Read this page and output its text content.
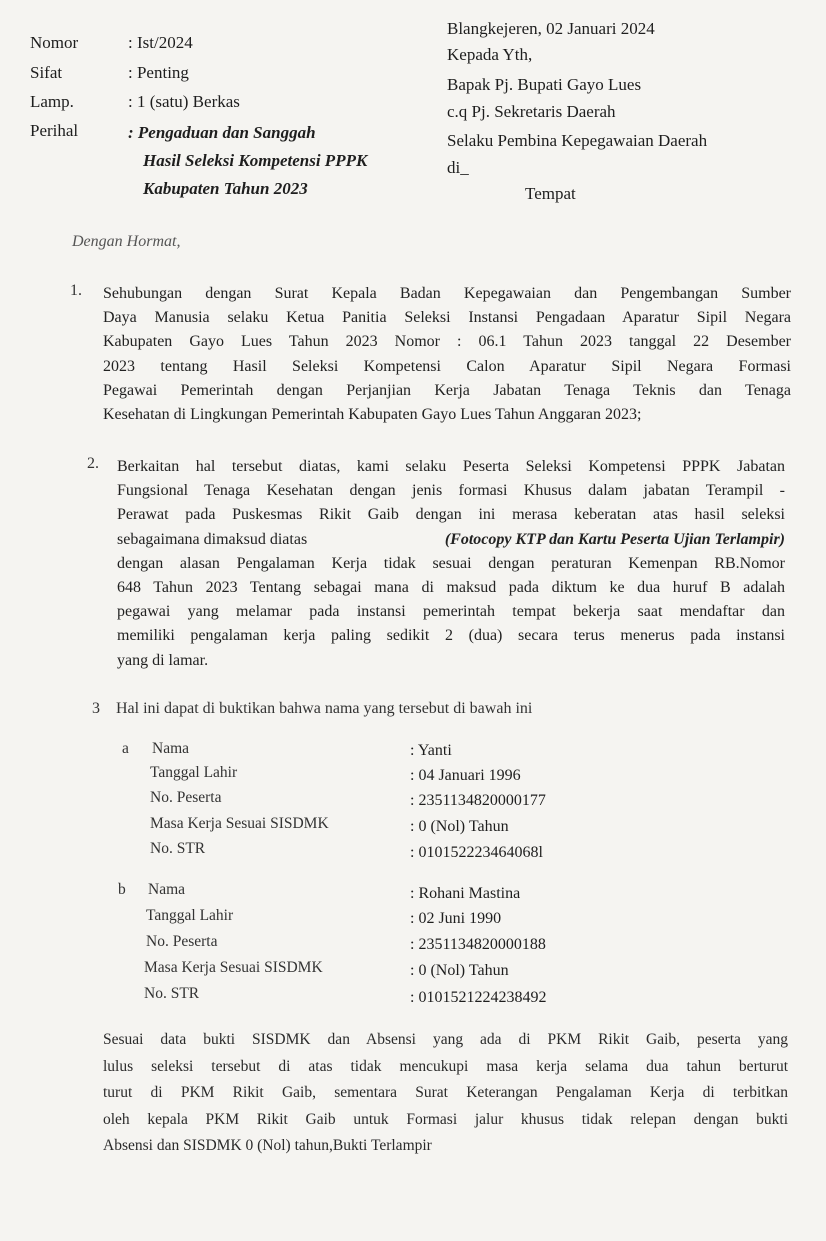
Nomor	: Ist/2024
Sifat	: Penting
Lamp.	: 1 (satu) Berkas
Perihal	: Pengaduan dan Sanggah
Hasil Seleksi Kompetensi PPPK
Kabupaten Tahun 2023
Blangkejeren, 02 Januari 2024
Kepada Yth,
Bapak Pj. Bupati Gayo Lues
c.q Pj. Sekretaris Daerah
Selaku Pembina Kepegawaian Daerah
di_
Tempat
Dengan Hormat,
1. Sehubungan dengan Surat Kepala Badan Kepegawaian dan Pengembangan Sumber
Daya Manusia selaku Ketua Panitia Seleksi Instansi Pengadaan Aparatur Sipil Negara
Kabupaten Gayo Lues Tahun 2023 Nomor : 06.1 Tahun 2023 tanggal 22 Desember
2023 tentang Hasil Seleksi Kompetensi Calon Aparatur Sipil Negara Formasi
Pegawai Pemerintah dengan Perjanjian Kerja Jabatan Tenaga Teknis dan Tenaga
Kesehatan di Lingkungan Pemerintah Kabupaten Gayo Lues Tahun Anggaran 2023;
2. Berkaitan hal tersebut diatas, kami selaku Peserta Seleksi Kompetensi PPPK Jabatan
Fungsional Tenaga Kesehatan dengan jenis formasi Khusus dalam jabatan Terampil -
Perawat pada Puskesmas Rikit Gaib dengan ini merasa keberatan atas hasil seleksi
sebagaimana dimaksud diatas	(Fotocopy KTP dan Kartu Peserta Ujian Terlampir)
dengan alasan Pengalaman Kerja tidak sesuai dengan peraturan Kemenpan RB.Nomor
648 Tahun 2023 Tentang sebagai mana di maksud pada diktum ke dua huruf B adalah
pegawai yang melamar pada instansi pemerintah tempat bekerja saat mendaftar dan
memiliki pengalaman kerja paling sedikit 2 (dua) secara terus menerus pada instansi
yang di lamar.
3 Hal ini dapat di buktikan bahwa nama yang tersebut di bawah ini
a Nama	: Yanti
Tanggal Lahir	: 04 Januari 1996
No. Peserta	: 2351134820000177
Masa Kerja Sesuai SISDMK	: 0 (Nol) Tahun
No. STR	: 010152223464068l
b Nama	: Rohani Mastina
Tanggal Lahir	: 02 Juni 1990
No. Peserta	: 2351134820000188
Masa Kerja Sesuai SISDMK	: 0 (Nol) Tahun
No. STR	: 0101521224238492
Sesuai data bukti SISDMK dan Absensi yang ada di PKM Rikit Gaib, peserta yang
lulus seleksi tersebut di atas tidak mencukupi masa kerja selama dua tahun berturut
turut di PKM Rikit Gaib, sementara Surat Keterangan Pengalaman Kerja di terbitkan
oleh kepala PKM Rikit Gaib untuk Formasi jalur khusus tidak relepan dengan bukti
Absensi dan SISDMK 0 (Nol) tahun,Bukti Terlampir
